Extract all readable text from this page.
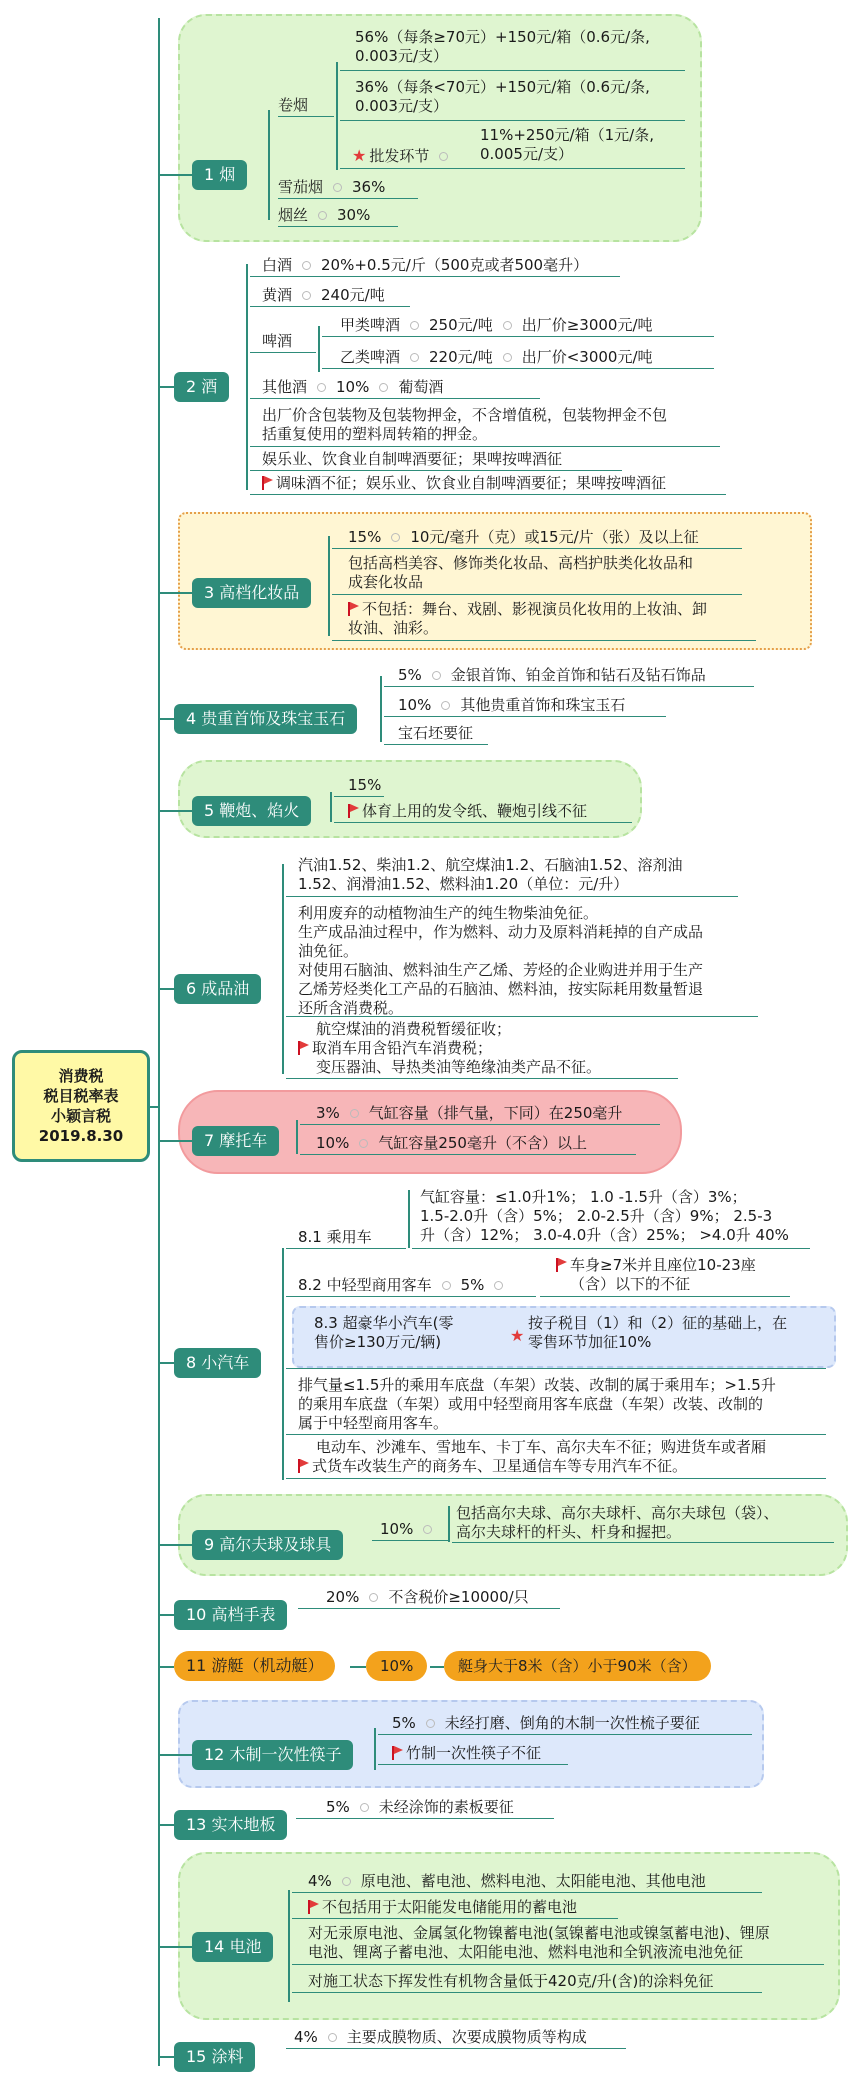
消费税
税目税率表
小颖言税
2019.8.30
1 烟
卷烟
56%（每条≥70元）+150元/箱（0.6元/条,
0.003元/支）
36%（每条<70元）+150元/箱（0.6元/条,
0.003元/支）
★ 批发环节
11%+250元/箱（1元/条,
0.005元/支）
雪茄烟 36%
烟丝 30%
2 酒
白酒 20%+0.5元/斤（500克或者500毫升）
黄酒 240元/吨
啤酒
甲类啤酒 250元/吨 出厂价≥3000元/吨
乙类啤酒 220元/吨 出厂价<3000元/吨
其他酒 10% 葡萄酒
出厂价含包装物及包装物押金，不含增值税，包装物押金不包
括重复使用的塑料周转箱的押金。
娱乐业、饮食业自制啤酒要征；果啤按啤酒征
调味酒不征；娱乐业、饮食业自制啤酒要征；果啤按啤酒征
3 高档化妆品
15% 10元/毫升（克）或15元/片（张）及以上征
包括高档美容、修饰类化妆品、高档护肤类化妆品和
成套化妆品
不包括：舞台、戏剧、影视演员化妆用的上妆油、卸
妆油、油彩。
4 贵重首饰及珠宝玉石
5% 金银首饰、铂金首饰和钻石及钻石饰品
10% 其他贵重首饰和珠宝玉石
宝石坯要征
5 鞭炮、焰火
15%
体育上用的发令纸、鞭炮引线不征
6 成品油
汽油1.52、柴油1.2、航空煤油1.2、石脑油1.52、溶剂油
1.52、润滑油1.52、燃料油1.20（单位：元/升）
利用废弃的动植物油生产的纯生物柴油免征。
生产成品油过程中，作为燃料、动力及原料消耗掉的自产成品
油免征。
对使用石脑油、燃料油生产乙烯、芳烃的企业购进并用于生产
乙烯芳烃类化工产品的石脑油、燃料油，按实际耗用数量暂退
还所含消费税。
航空煤油的消费税暂缓征收；
取消车用含铅汽车消费税；
变压器油、导热类油等绝缘油类产品不征。
7 摩托车
3% 气缸容量（排气量，下同）在250毫升
10% 气缸容量250毫升（不含）以上
8 小汽车
8.1 乘用车
气缸容量：≤1.0升1%； 1.0 -1.5升（含）3%；
1.5-2.0升（含）5%； 2.0-2.5升（含）9%； 2.5-3
升（含）12%； 3.0-4.0升（含）25%； >4.0升 40%
8.2 中轻型商用客车 5%
车身≥7米并且座位10-23座
（含）以下的不征
8.3 超豪华小汽车(零
售价≥130万元/辆)	★
按子税目（1）和（2）征的基础上，在
零售环节加征10%
排气量≤1.5升的乘用车底盘（车架）改装、改制的属于乘用车；>1.5升
的乘用车底盘（车架）或用中轻型商用客车底盘（车架）改装、改制的
属于中轻型商用客车。
电动车、沙滩车、雪地车、卡丁车、高尔夫车不征；购进货车或者厢
式货车改装生产的商务车、卫星通信车等专用汽车不征。
9 高尔夫球及球具
10%
包括高尔夫球、高尔夫球杆、高尔夫球包（袋）、
高尔夫球杆的杆头、杆身和握把。
10 高档手表
20% 不含税价≥10000/只
11 游艇（机动艇）	10%	艇身大于8米（含）小于90米（含）
12 木制一次性筷子
5% 未经打磨、倒角的木制一次性梳子要征
竹制一次性筷子不征
13 实木地板
5% 未经涂饰的素板要征
14 电池
4% 原电池、蓄电池、燃料电池、太阳能电池、其他电池
不包括用于太阳能发电储能用的蓄电池
对无汞原电池、金属氢化物镍蓄电池(氢镍蓄电池或镍氢蓄电池)、锂原
电池、锂离子蓄电池、太阳能电池、燃料电池和全钒液流电池免征
对施工状态下挥发性有机物含量低于420克/升(含)的涂料免征
15 涂料
4% 主要成膜物质、次要成膜物质等构成
